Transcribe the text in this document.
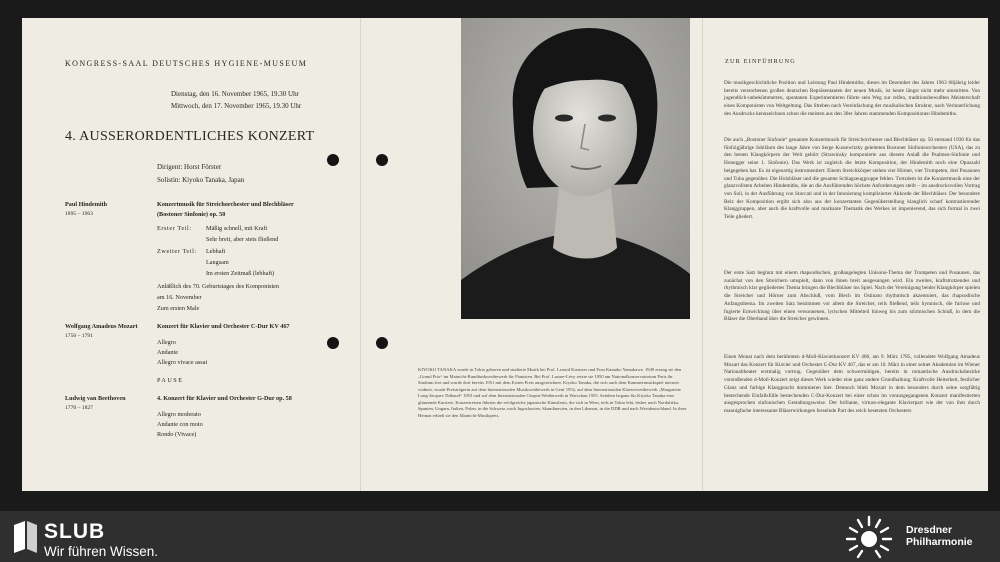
KONGRESS-SAAL DEUTSCHES HYGIENE-MUSEUM
Dienstag, den 16. November 1965, 19.30 Uhr
Mittwoch, den 17. November 1965, 19.30 Uhr
4. AUSSERORDENTLICHES KONZERT
Dirigent: Horst Förster
Solistin: Kiyoko Tanaka, Japan
Paul Hindemith
1895 – 1963
Konzertmusik für Streichorchester und Blechbläser
(Bostoner Sinfonie) op. 50
Erster Teil: Mäßig schnell, mit Kraft
Sehr breit, aber stets fließend
Zweiter Teil: Lebhaft
Langsam
Im ersten Zeitmaß (lebhaft)
Anläßlich des 70. Geburtstages des Komponisten
am 16. November
Zum ersten Male
Wolfgang Amadeus Mozart
1756 – 1791
Konzert für Klavier und Orchester C-Dur KV 467
Allegro
Andante
Allegro vivace assai
PAUSE
Ludwig van Beethoven
1770 – 1827
4. Konzert für Klavier und Orchester G-Dur op. 58
Allegro moderato
Andante con moto
Rondo (Vivace)
KIYOKO TANAKA wurde in Tokio geboren und studierte Musik bei Prof. Leonid Kreutzer und Frau Kamako Yamakawa. 1949 errang sie den „Grand Prix“ im Mainichi-Rundfunkwettbewerb für Pianisten. Bei Prof. Lazare-Lévy setzte sie 1950 am Nationalkonservatorium Paris ihr Studium fort und wurde dort bereits 1951 mit dem Ersten Preis ausgezeichnet. Kiyoko Tanaka, die sich auch dem Kammermusikspiel intensiv widmet, wurde Preisträgerin auf dem Internationalen Musikwettbewerb in Genf 1952, auf dem Internationalen Klavierwettbewerb „Marguerite Long-Jacques Thibaud“ 1953 und auf dem Internationalen Chopin-Wettbewerb in Warschau 1955. Seitdem begann für Kiyoko Tanaka eine glänzende Karriere. Konzertreisen führten die erfolgreiche japanische Künstlerin, die sich in Wien, teils in Tokio lebt, bisher nach Nordafrika, Spanien, Ungarn, Italien, Polen, in die Schweiz, nach Jugoslawien, Skandinavien, in den Libanon, in die DDR und nach Westdeutschland. In ihrer Heimat erhielt sie den Mainichi-Musikpreis.
ZUR EINFÜHRUNG
Die musikgeschichtliche Position und Leistung Paul Hindemiths, dieses im Dezember des Jahres 1963 68jährig leider bereits verstorbenen großen deutschen Repräsentanten der neuen Musik, ist heute längst nicht mehr umstritten. Von jugendlich-unbekümmerten, spontanen Experimentieren führte sein Weg zur reifen, traditionsbewußten Meisterschaft eines Komponisten von Weltgeltung. Das Streben nach Vereinfachung der musikalischen Struktur, nach Verinnerlichung des Ausdrucks kennzeichnen schon die meisten aus den 30er Jahren stammenden Kompositionen Hindemiths.
Die auch „Bostoner Sinfonie“ genannte Konzertmusik für Streichorchester und Blechbläser op. 50 entstand 1930 für das fünfzigjährige Jubiläum des lange Jahre von Serge Kussewitzky geleiteten Bostoner Sinfonieorchesters (USA), das zu den besten Klangkörpern der Welt gehört (Strawinsky komponierte aus diesem Anlaß die Psalmen-Sinfonie und Honegger seine 1. Sinfonie). Das Werk ist zugleich die letzte Komposition, der Hindemith noch eine Opuszahl beigegeben hat. Es ist eigenartig instrumentiert: Einem Streichkörper stehen vier Hörner, vier Trompeten, drei Posaunen und Tuba gegenüber. Die Holzbläser und die gesamte Schlagzeuggruppe fehlen. Trotzdem ist die Konzertmusik eine der glanzvollsten Arbeiten Hindemiths, die an die Ausführenden höchste Anforderungen stellt – im ausdrucksvollen Vortrag von Soli, in der Ausführung von Staccati und in der Intonierung komplizierter Akkorde der Blechbläser. Der besondere Reiz der Komposition ergibt sich also aus der konzertanten Gegenüberstellung klanglich scharf kontrastierender Klanggruppen, aber auch die kraftvolle und markante Thematik des Werkes ist imponierend, das sich formal in zwei Teile gliedert.
Der erste Satz beginnt mit einem rhapsodischen, großangelegten Unisono-Thema der Trompeten und Posaunen, das zunächst von den Streichern umspielt, dann von ihnen breit ausgesungen wird. Ein zweites, kraftstrotzendes und rhythmisch klar gegliedertes Thema bringen die Blechbläser ins Spiel. Nach der Vereinigung beider Klangkörper spielen die Streicher und Hörner zum Abschluß, vom Blech im Ostinato rhythmisch akzentuiert, das rhapsodische Anfangsthema. Im zweiten Satz bestimmen vor allem die Streicher, teils fließend, teils hymnisch, die furiose und fugierte Entwicklung über einen versonnenen, lyrischen Mittelteil hinweg bis zum stürmischen Schluß, in dem die Bläser die Oberhand über die Streicher gewinnen.
Einen Monat nach dem berühmten d-Moll-Klavierkonzert KV 466, am 9. März 1785, vollendete Wolfgang Amadeus Mozart das Konzert für Klavier und Orchester C-Dur KV 467, das er am 10. März in einer seiner Akademien im Wiener Nationaltheater erstmalig vortrug. Gegenüber dem schwermütigen, bereits in romantische Ausdrucksbezirke vorstoßenden d-Moll-Konzert zeigt dieses Werk wieder eine ganz andere Grundhaltung: Kraftvolle Heiterkeit, festlicher Glanz und farbige Klangpracht dominieren hier. Dennoch blieb Mozart in dem besonders durch seine sorgfältig bestechende Einfallsfülle bestechenden C-Dur-Konzert bei einer schon im vorausgegangenen Konzert manifestierten ausgesprochen sinfonischen Gestaltungsweise. Der brillante, virtuos-elegante Klavierpart wie der von ihm durch mannigfache interessante Bläserwirkungen fesselnde Part des reich besetzten Orchesters
SLUB
Wir führen Wissen.
Dresdner
Philharmonie
